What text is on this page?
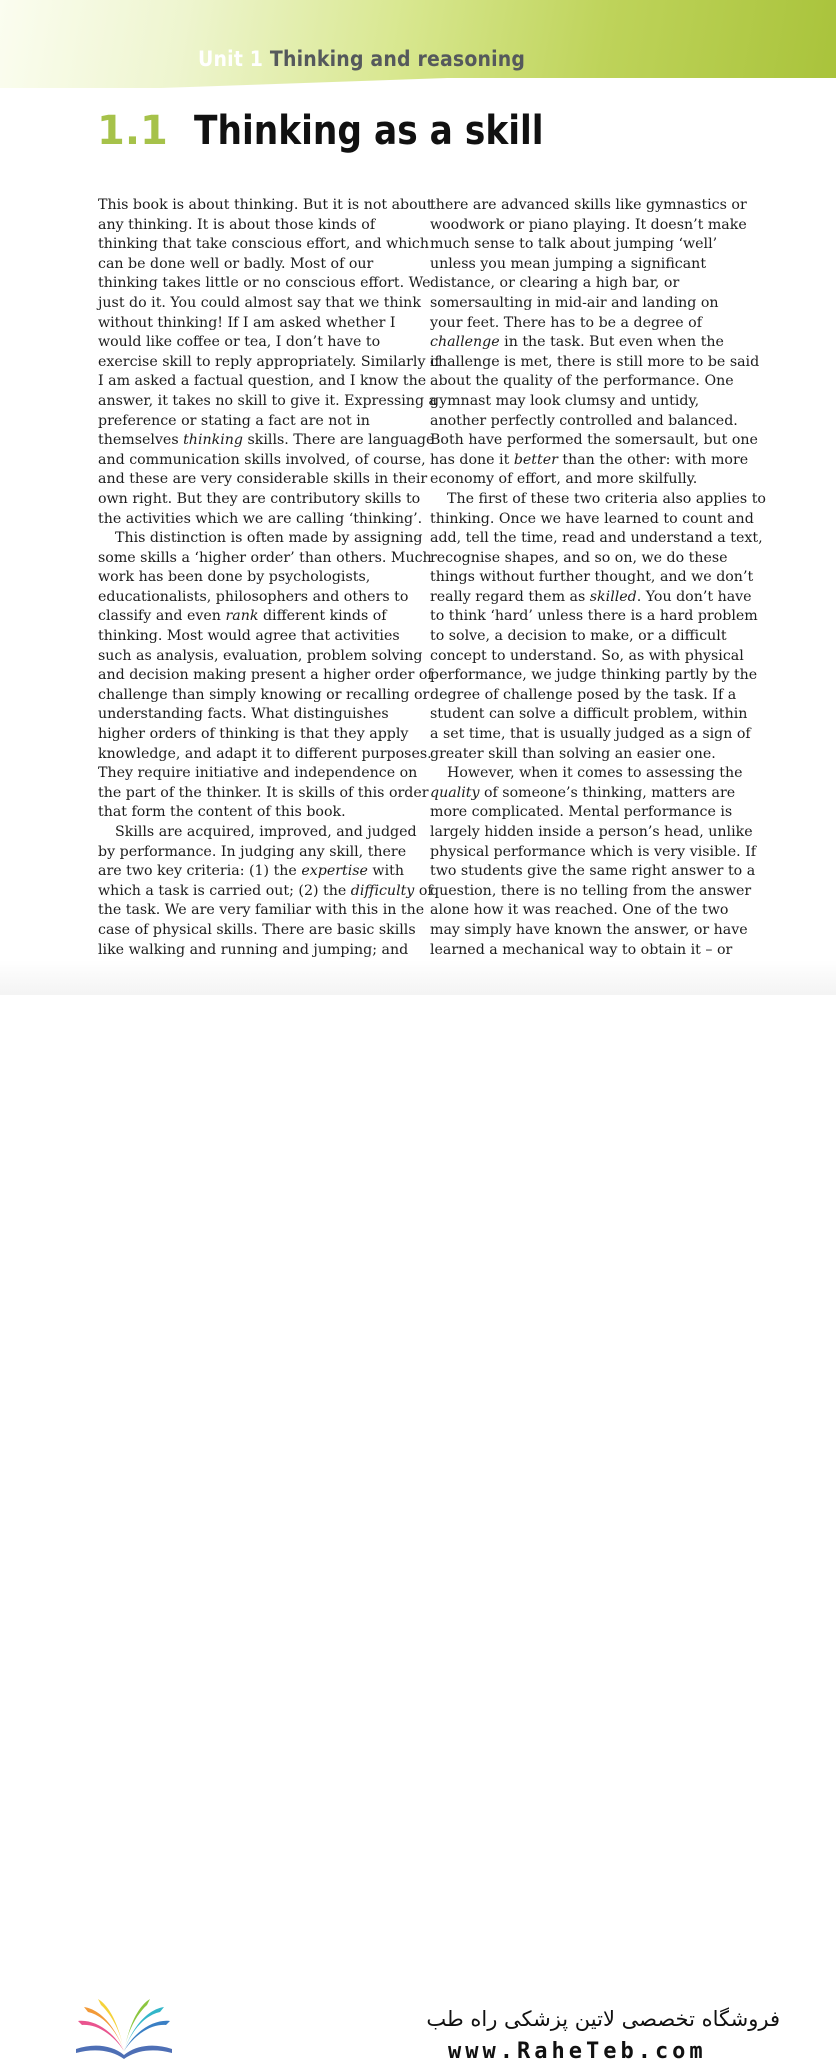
Unit 1 Thinking and reasoning

1.1 Thinking as a skill
This book is about thinking. But it is not about
any thinking. It is about those kinds of
thinking that take conscious effort, and which
can be done well or badly. Most of our
thinking takes little or no conscious effort. We
just do it. You could almost say that we think
without thinking! If I am asked whether I
would like coffee or tea, I don’t have to
exercise skill to reply appropriately. Similarly if
I am asked a factual question, and I know the
answer, it takes no skill to give it. Expressing a
preference or stating a fact are not in
themselves thinking skills. There are language
and communication skills involved, of course,
and these are very considerable skills in their
own right. But they are contributory skills to
the activities which we are calling ‘thinking’.
This distinction is often made by assigning
some skills a ‘higher order’ than others. Much
work has been done by psychologists,
educationalists, philosophers and others to
classify and even rank different kinds of
thinking. Most would agree that activities
such as analysis, evaluation, problem solving
and decision making present a higher order of
challenge than simply knowing or recalling or
understanding facts. What distinguishes
higher orders of thinking is that they apply
knowledge, and adapt it to different purposes.
They require initiative and independence on
the part of the thinker. It is skills of this order
that form the content of this book.
Skills are acquired, improved, and judged
by performance. In judging any skill, there
are two key criteria: (1) the expertise with
which a task is carried out; (2) the difficulty of
the task. We are very familiar with this in the
case of physical skills. There are basic skills
like walking and running and jumping; and
there are advanced skills like gymnastics or
woodwork or piano playing. It doesn’t make
much sense to talk about jumping ‘well’
unless you mean jumping a significant
distance, or clearing a high bar, or
somersaulting in mid-air and landing on
your feet. There has to be a degree of
challenge in the task. But even when the
challenge is met, there is still more to be said
about the quality of the performance. One
gymnast may look clumsy and untidy,
another perfectly controlled and balanced.
Both have performed the somersault, but one
has done it better than the other: with more
economy of effort, and more skilfully.
The first of these two criteria also applies to
thinking. Once we have learned to count and
add, tell the time, read and understand a text,
recognise shapes, and so on, we do these
things without further thought, and we don’t
really regard them as skilled. You don’t have
to think ‘hard’ unless there is a hard problem
to solve, a decision to make, or a difficult
concept to understand. So, as with physical
performance, we judge thinking partly by the
degree of challenge posed by the task. If a
student can solve a difficult problem, within
a set time, that is usually judged as a sign of
greater skill than solving an easier one.
However, when it comes to assessing the
quality of someone’s thinking, matters are
more complicated. Mental performance is
largely hidden inside a person’s head, unlike
physical performance which is very visible. If
two students give the same right answer to a
question, there is no telling from the answer
alone how it was reached. One of the two
may simply have known the answer, or have
learned a mechanical way to obtain it – or

فروشگاه تخصصی لاتین پزشکی راه طب

www.RaheTeb.com
